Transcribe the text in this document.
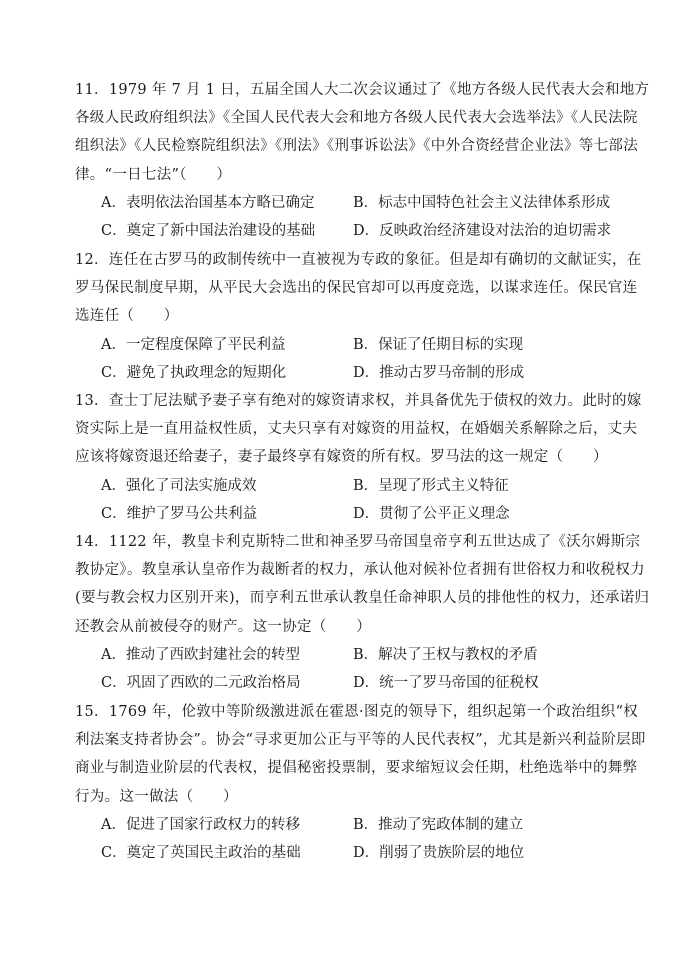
11．1979 年 7 月 1 日，五届全国人大二次会议通过了《地方各级人民代表大会和地方各级人民政府组织法》《全国人民代表大会和地方各级人民代表大会选举法》《人民法院组织法》《人民检察院组织法》《刑法》《刑事诉讼法》《中外合资经营企业法》等七部法律。“一日七法”（　　）

A．表明依法治国基本方略已确定	B．标志中国特色社会主义法律体系形成
C．奠定了新中国法治建设的基础	D．反映政治经济建设对法治的迫切需求

12．连任在古罗马的政制传统中一直被视为专政的象征。但是却有确切的文献证实，在罗马保民制度早期，从平民大会选出的保民官却可以再度竞选，以谋求连任。保民官连选连任（　　）

A．一定程度保障了平民利益	B．保证了任期目标的实现
C．避免了执政理念的短期化	D．推动古罗马帝制的形成

13．查士丁尼法赋予妻子享有绝对的嫁资请求权，并具备优先于债权的效力。此时的嫁资实际上是一直用益权性质，丈夫只享有对嫁资的用益权，在婚姻关系解除之后，丈夫应该将嫁资退还给妻子，妻子最终享有嫁资的所有权。罗马法的这一规定（　　）

A．强化了司法实施成效	B．呈现了形式主义特征
C．维护了罗马公共利益	D．贯彻了公平正义理念

14．1122 年，教皇卡利克斯特二世和神圣罗马帝国皇帝亨利五世达成了《沃尔姆斯宗教协定》。教皇承认皇帝作为裁断者的权力，承认他对候补位者拥有世俗权力和收税权力(要与教会权力区别开来)，而亨利五世承认教皇任命神职人员的排他性的权力，还承诺归还教会从前被侵夺的财产。这一协定（　　）

A．推动了西欧封建社会的转型	B．解决了王权与教权的矛盾
C．巩固了西欧的二元政治格局	D．统一了罗马帝国的征税权

15．1769 年，伦敦中等阶级激进派在霍恩·图克的领导下，组织起第一个政治组织“权利法案支持者协会”。协会“寻求更加公正与平等的人民代表权”，尤其是新兴利益阶层即商业与制造业阶层的代表权，提倡秘密投票制，要求缩短议会任期，杜绝选举中的舞弊行为。这一做法（　　）

A．促进了国家行政权力的转移	B．推动了宪政体制的建立
C．奠定了英国民主政治的基础	D．削弱了贵族阶层的地位
